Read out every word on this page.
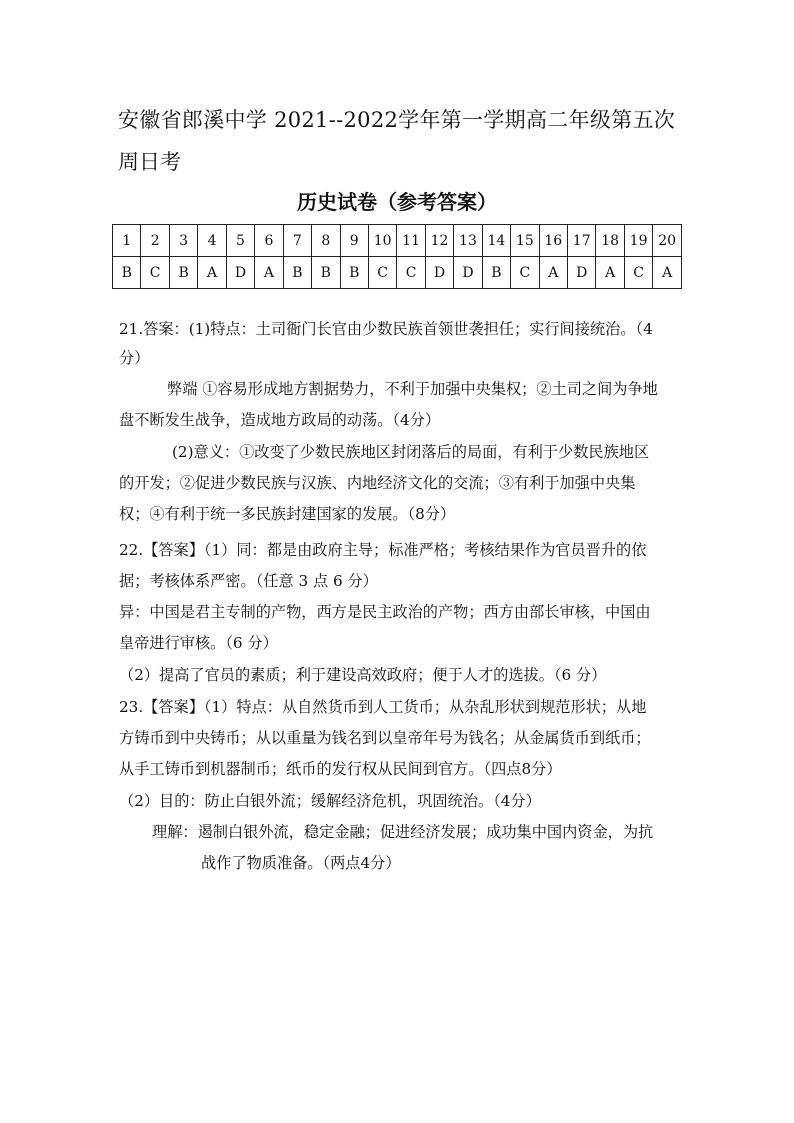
安徽省郎溪中学 2021--2022学年第一学期高二年级第五次
周日考
历史试卷（参考答案）
1	2	3	4	5	6	7	8	9	10	11	12	13	14	15	16	17	18	19	20
B	C	B	A	D	A	B	B	B	C	C	D	D	B	C	A	D	A	C	A
21.答案：(1)特点：土司衙门长官由少数民族首领世袭担任；实行间接统治。（4
分）
弊端 ①容易形成地方割据势力，不利于加强中央集权；②土司之间为争地
盘不断发生战争，造成地方政局的动荡。（4分）
(2)意义：①改变了少数民族地区封闭落后的局面，有利于少数民族地区
的开发；②促进少数民族与汉族、内地经济文化的交流；③有利于加强中央集
权；④有利于统一多民族封建国家的发展。（8分）
22.【答案】（1）同：都是由政府主导；标准严格；考核结果作为官员晋升的依
据；考核体系严密。（任意 3 点 6 分）
异：中国是君主专制的产物，西方是民主政治的产物；西方由部长审核，中国由
皇帝进行审核。（6 分）
（2）提高了官员的素质；利于建设高效政府；便于人才的选拔。（6 分）
23.【答案】（1）特点：从自然货币到人工货币；从杂乱形状到规范形状；从地
方铸币到中央铸币；从以重量为钱名到以皇帝年号为钱名；从金属货币到纸币；
从手工铸币到机器制币；纸币的发行权从民间到官方。（四点8分）
（2）目的：防止白银外流；缓解经济危机，巩固统治。（4分）
理解：遏制白银外流，稳定金融；促进经济发展；成功集中国内资金，为抗
战作了物质准备。（两点4分）
